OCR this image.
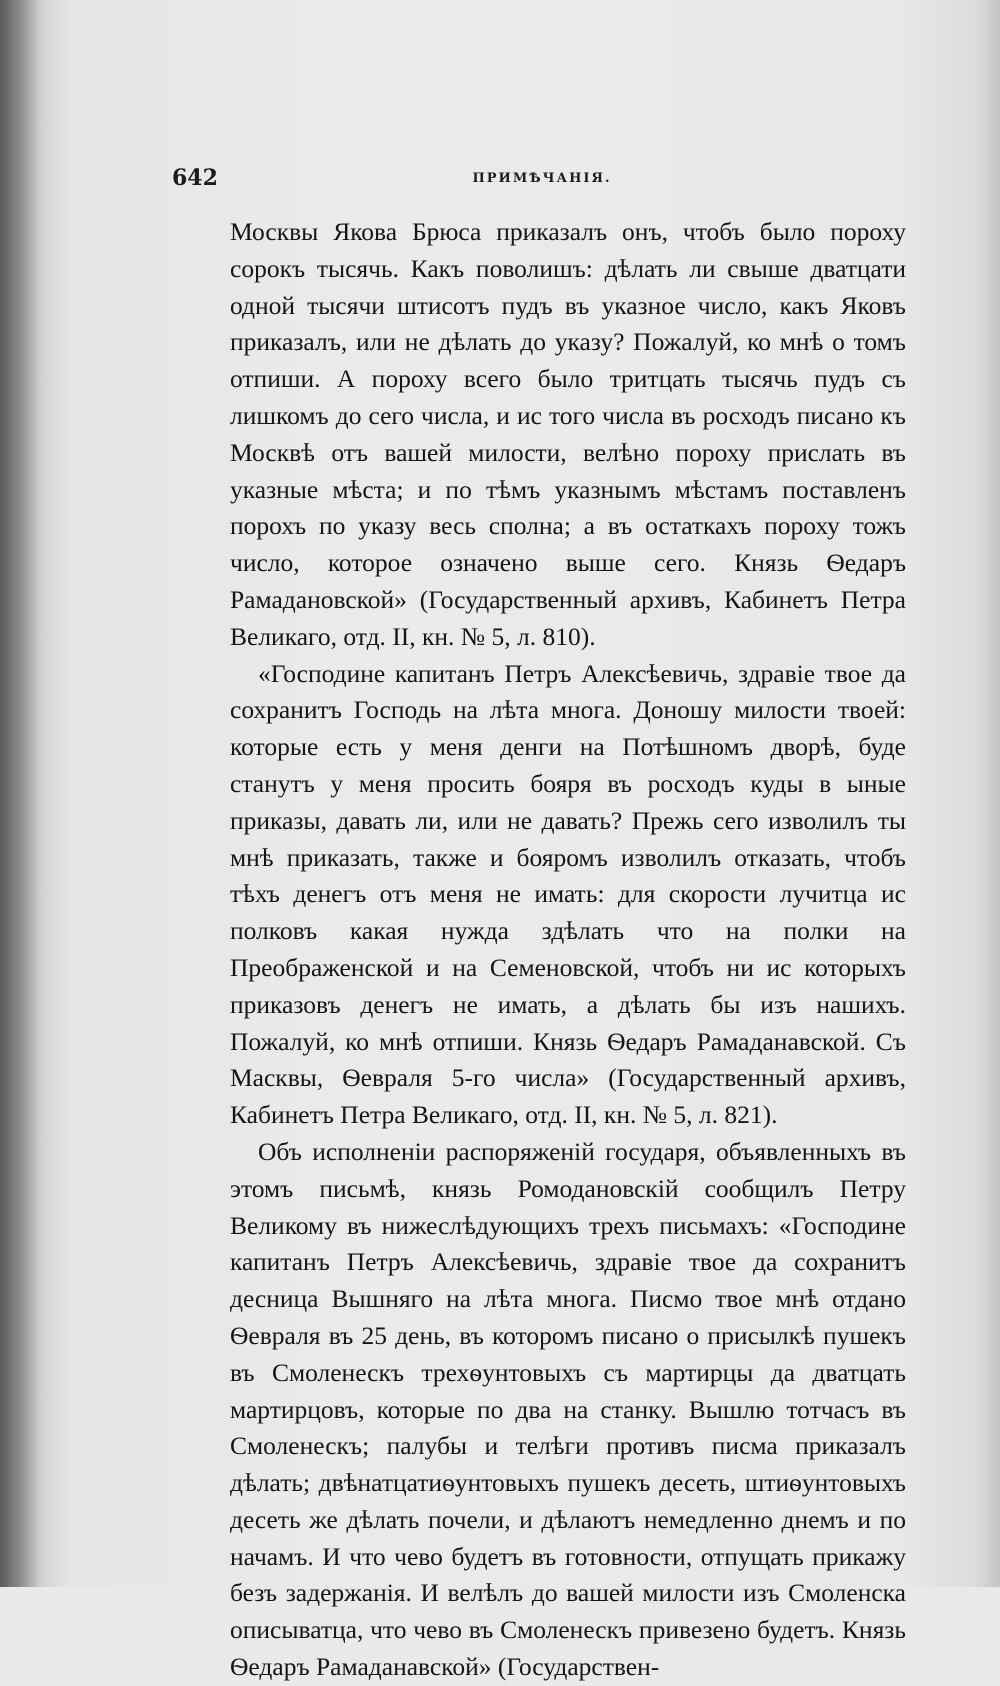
642	ПРИМѢЧАНІЯ.

Москвы Якова Брюса приказалъ онъ, чтобъ было пороху сорокъ тысячь. Какъ поволишъ: дѣлать ли свыше дватцати одной тысячи штисотъ пудъ въ указное число, какъ Яковъ приказалъ, или не дѣлать до указу? Пожалуй, ко мнѣ о томъ отпиши. А пороху всего было тритцать тысячь пудъ съ лишкомъ до сего числа, и ис того числа въ росходъ писано къ Москвѣ отъ вашей милости, велѣно пороху прислать въ указные мѣста; и по тѣмъ указнымъ мѣстамъ поставленъ порохъ по указу весь сполна; а въ остаткахъ пороху тожъ число, которое означено выше сего. Князь Ѳедаръ Рамадановской» (Государственный архивъ, Кабинетъ Петра Великаго, отд. II, кн. № 5, л. 810).

«Господине капитанъ Петръ Алексѣевичь, здравіе твое да сохранитъ Господь на лѣта многа. Доношу милости твоей: которые есть у меня денги на Потѣшномъ дворѣ, буде станутъ у меня просить бояря въ росходъ куды в ыные приказы, давать ли, или не давать? Прежь сего изволилъ ты мнѣ приказать, также и бояромъ изволилъ отказать, чтобъ тѣхъ денегъ отъ меня не имать: для скорости лучитца ис полковъ какая нужда здѣлать что на полки на Преображенской и на Семеновской, чтобъ ни ис которыхъ приказовъ денегъ не имать, а дѣлать бы изъ нашихъ. Пожалуй, ко мнѣ отпиши. Князь Ѳедаръ Рамаданавской. Съ Масквы, Ѳевраля 5-го числа» (Государственный архивъ, Кабинетъ Петра Великаго, отд. II, кн. № 5, л. 821).

Объ исполненіи распоряженій государя, объявленныхъ въ этомъ письмѣ, князь Ромодановскій сообщилъ Петру Великому въ нижеслѣдующихъ трехъ письмахъ: «Господине капитанъ Петръ Алексѣевичь, здравіе твое да сохранитъ десница Вышняго на лѣта многа. Писмо твое мнѣ отдано Ѳевраля въ 25 день, въ которомъ писано о присылкѣ пушекъ въ Смоленескъ трехѳунтовыхъ съ мартирцы да дватцать мартирцовъ, которые по два на станку. Вышлю тотчасъ въ Смоленескъ; палубы и телѣги противъ писма приказалъ дѣлать; двѣнатцатиѳунтовыхъ пушекъ десеть, штиѳунтовыхъ десеть же дѣлать почели, и дѣлаютъ немедленно днемъ и по начамъ. И что чево будетъ въ готовности, отпущать прикажу безъ задержанія. И велѣлъ до вашей милости изъ Смоленска описыватца, что чево въ Смоленескъ привезено будетъ. Князь Ѳедаръ Рамаданавской» (Государствен-
